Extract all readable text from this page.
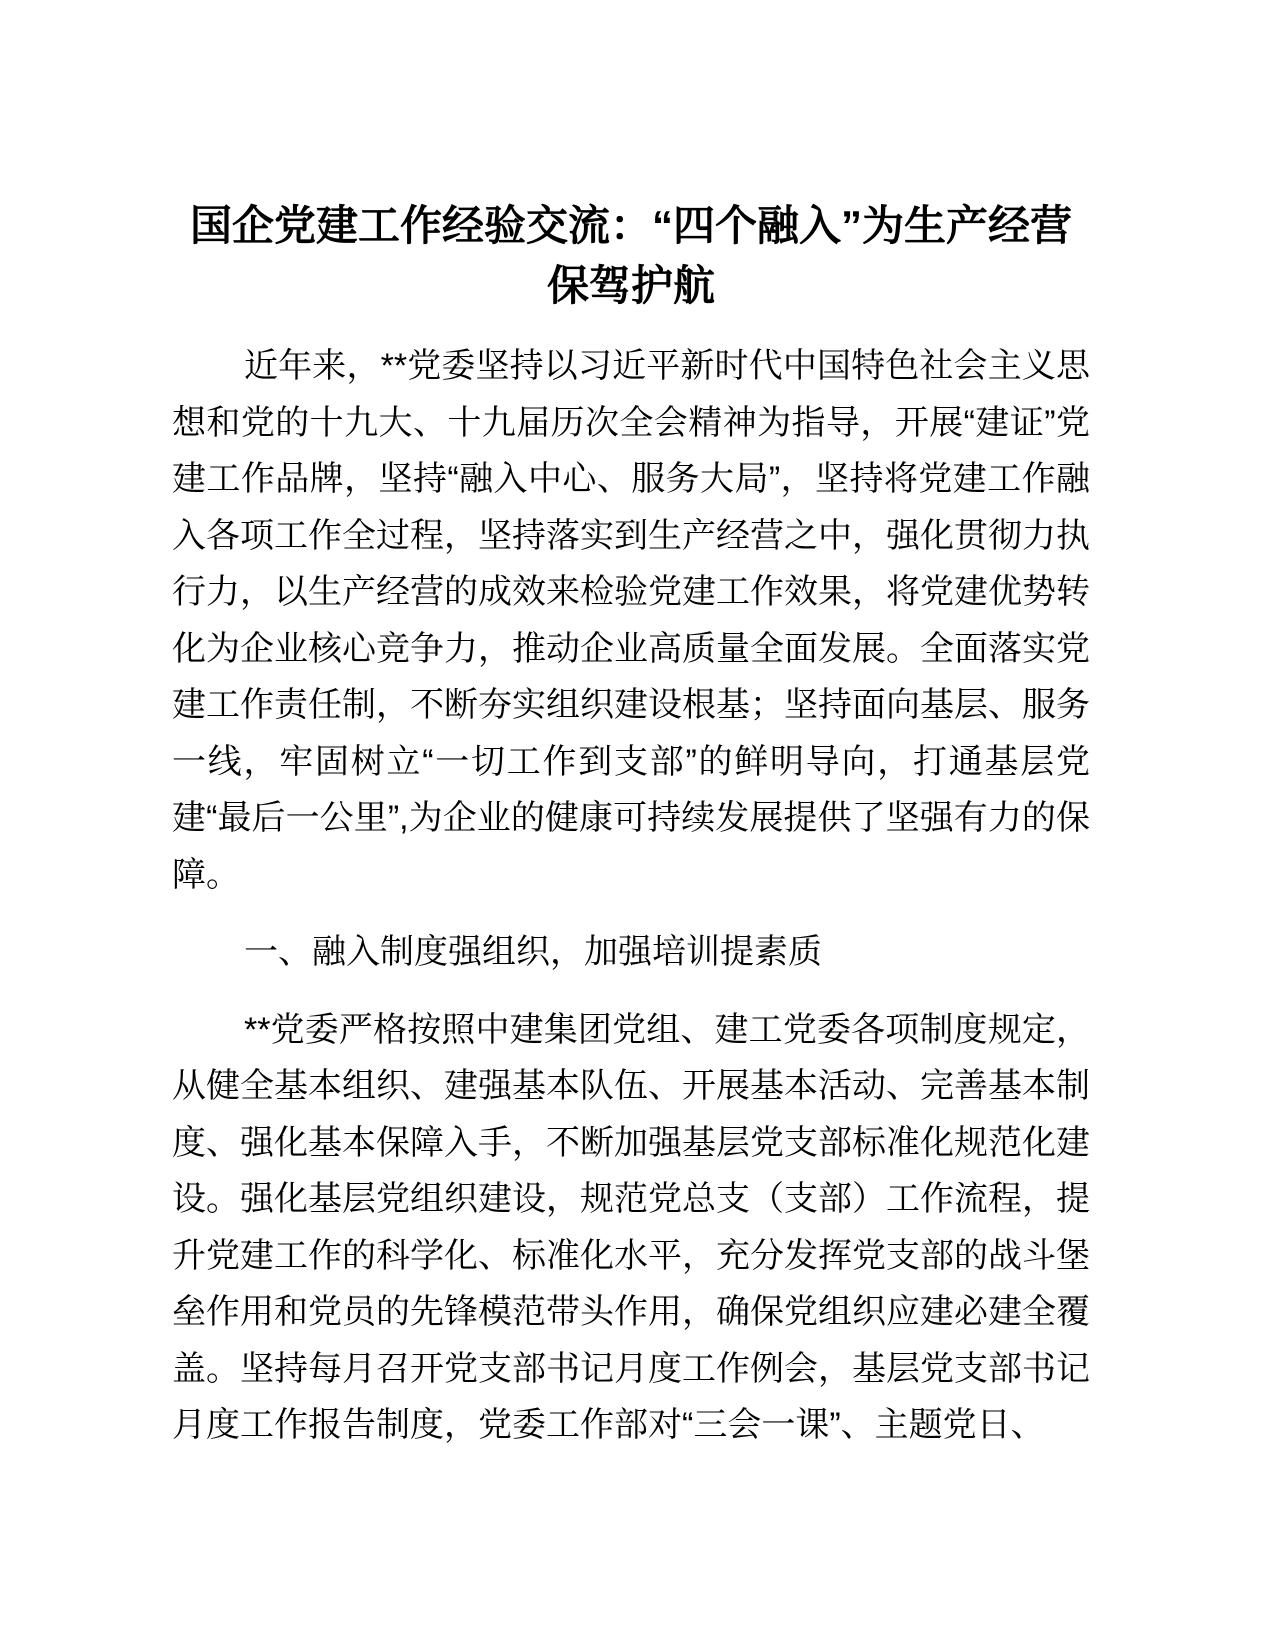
国企党建工作经验交流：“四个融入”为生产经营保驾护航

近年来，**党委坚持以习近平新时代中国特色社会主义思想和党的十九大、十九届历次全会精神为指导，开展“建证”党建工作品牌，坚持“融入中心、服务大局”，坚持将党建工作融入各项工作全过程，坚持落实到生产经营之中，强化贯彻力执行力，以生产经营的成效来检验党建工作效果，将党建优势转化为企业核心竞争力，推动企业高质量全面发展。全面落实党建工作责任制，不断夯实组织建设根基；坚持面向基层、服务一线，牢固树立“一切工作到支部”的鲜明导向，打通基层党建“最后一公里”,为企业的健康可持续发展提供了坚强有力的保障。

一、融入制度强组织，加强培训提素质

**党委严格按照中建集团党组、建工党委各项制度规定，从健全基本组织、建强基本队伍、开展基本活动、完善基本制度、强化基本保障入手，不断加强基层党支部标准化规范化建设。强化基层党组织建设，规范党总支（支部）工作流程，提升党建工作的科学化、标准化水平，充分发挥党支部的战斗堡垒作用和党员的先锋模范带头作用，确保党组织应建必建全覆盖。坚持每月召开党支部书记月度工作例会，基层党支部书记月度工作报告制度，党委工作部对“三会一课”、主题党日、
